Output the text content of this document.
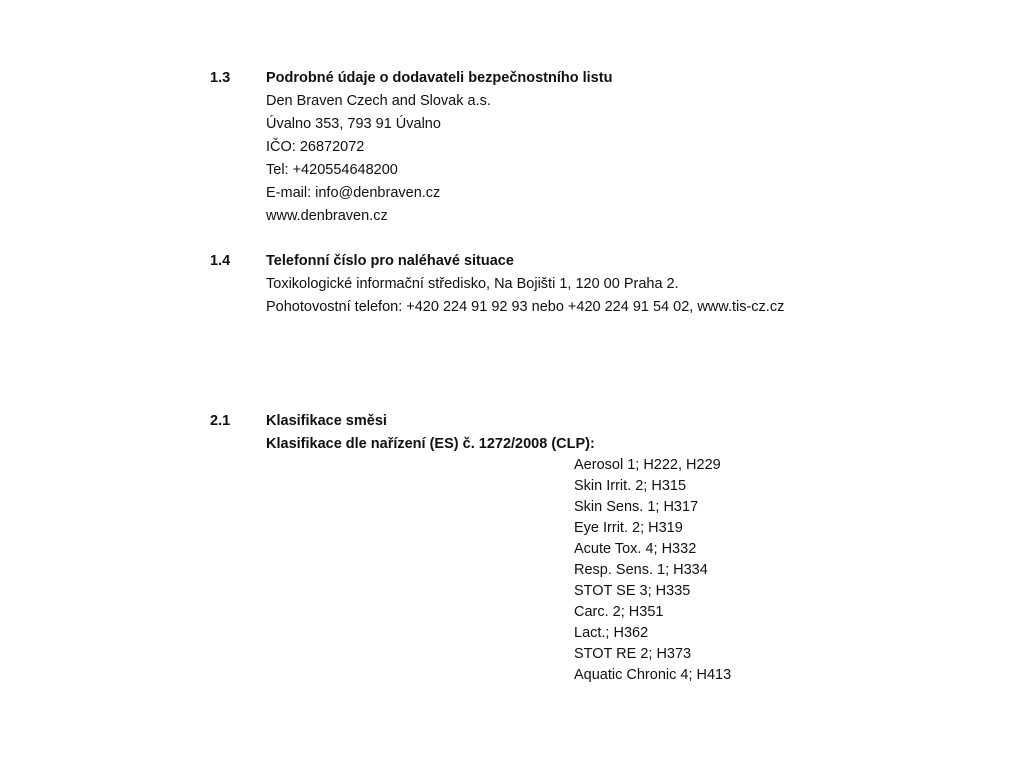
1.3	Podrobné údaje o dodavateli bezpečnostního listu
Den Braven Czech and Slovak a.s.
Úvalno 353, 793 91 Úvalno
IČO: 26872072
Tel: +420554648200
E-mail: info@denbraven.cz
www.denbraven.cz
1.4	Telefonní číslo pro naléhavé situace
Toxikologické informační středisko, Na Bojišti 1, 120 00 Praha 2.
Pohotovostní telefon: +420 224 91 92 93 nebo +420 224 91 54 02, www.tis-cz.cz
2.1	Klasifikace směsi
Klasifikace dle nařízení (ES) č. 1272/2008 (CLP):
Aerosol 1; H222, H229
Skin Irrit. 2; H315
Skin Sens. 1; H317
Eye Irrit. 2; H319
Acute Tox. 4; H332
Resp. Sens. 1; H334
STOT SE 3; H335
Carc. 2; H351
Lact.; H362
STOT RE 2; H373
Aquatic Chronic 4; H413
